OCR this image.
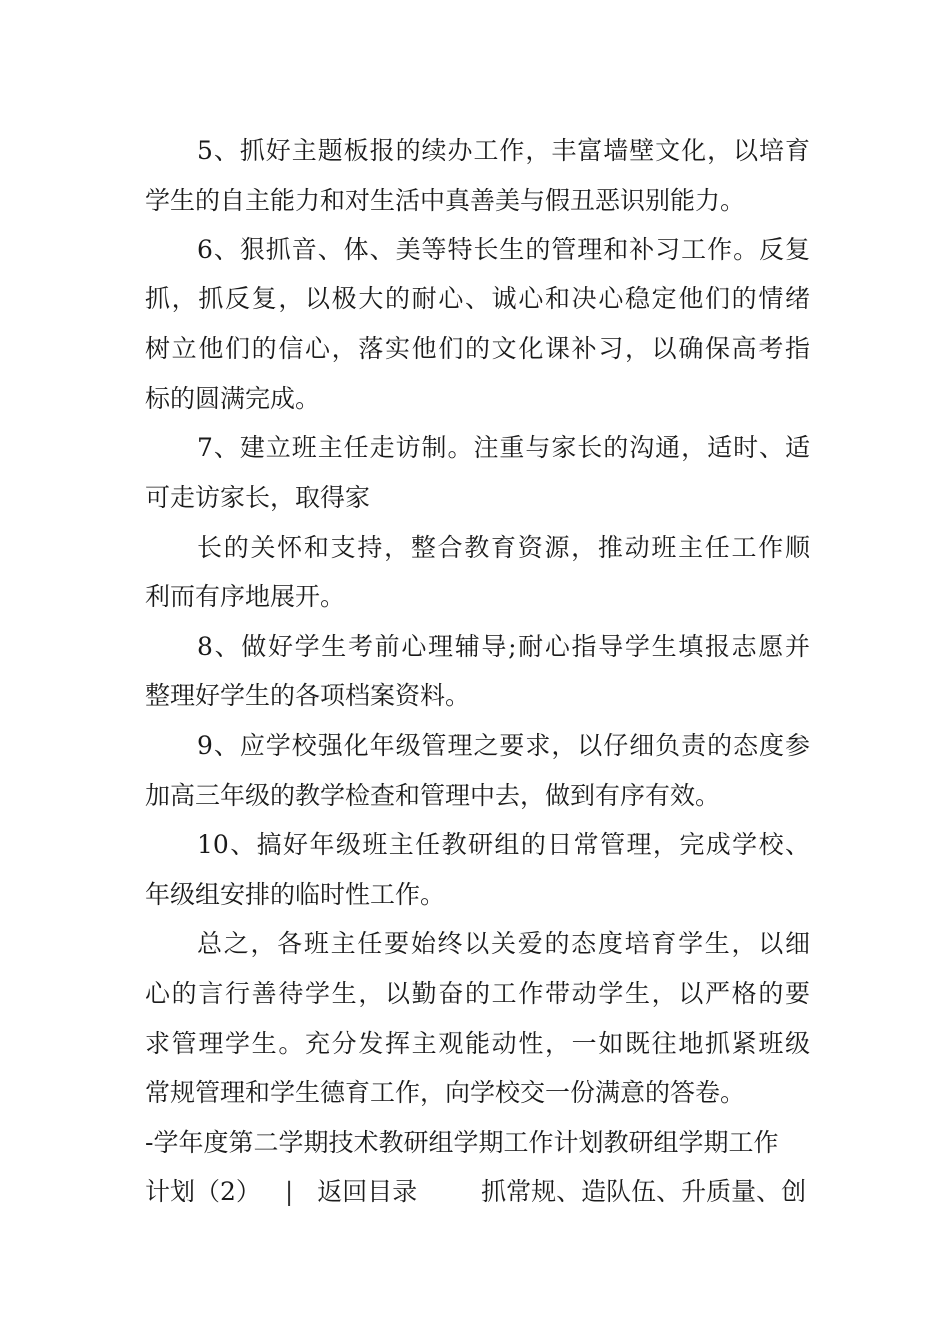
5、抓好主题板报的续办工作，丰富墙壁文化，以培育
学生的自主能力和对生活中真善美与假丑恶识别能力。
6、狠抓音、体、美等特长生的管理和补习工作。反复
抓，抓反复，以极大的耐心、诚心和决心稳定他们的情绪
树立他们的信心，落实他们的文化课补习，以确保高考指
标的圆满完成。
7、建立班主任走访制。注重与家长的沟通，适时、适
可走访家长，取得家
长的关怀和支持，整合教育资源，推动班主任工作顺
利而有序地展开。
8、做好学生考前心理辅导;耐心指导学生填报志愿并
整理好学生的各项档案资料。
9、应学校强化年级管理之要求，以仔细负责的态度参
加高三年级的教学检查和管理中去，做到有序有效。
10、搞好年级班主任教研组的日常管理，完成学校、
年级组安排的临时性工作。
总之，各班主任要始终以关爱的态度培育学生，以细
心的言行善待学生，以勤奋的工作带动学生，以严格的要
求管理学生。充分发挥主观能动性，一如既往地抓紧班级
常规管理和学生德育工作，向学校交一份满意的答卷。
-学年度第二学期技术教研组学期工作计划教研组学期工作
计划（2） | 返回目录	抓常规、造队伍、升质量、创
